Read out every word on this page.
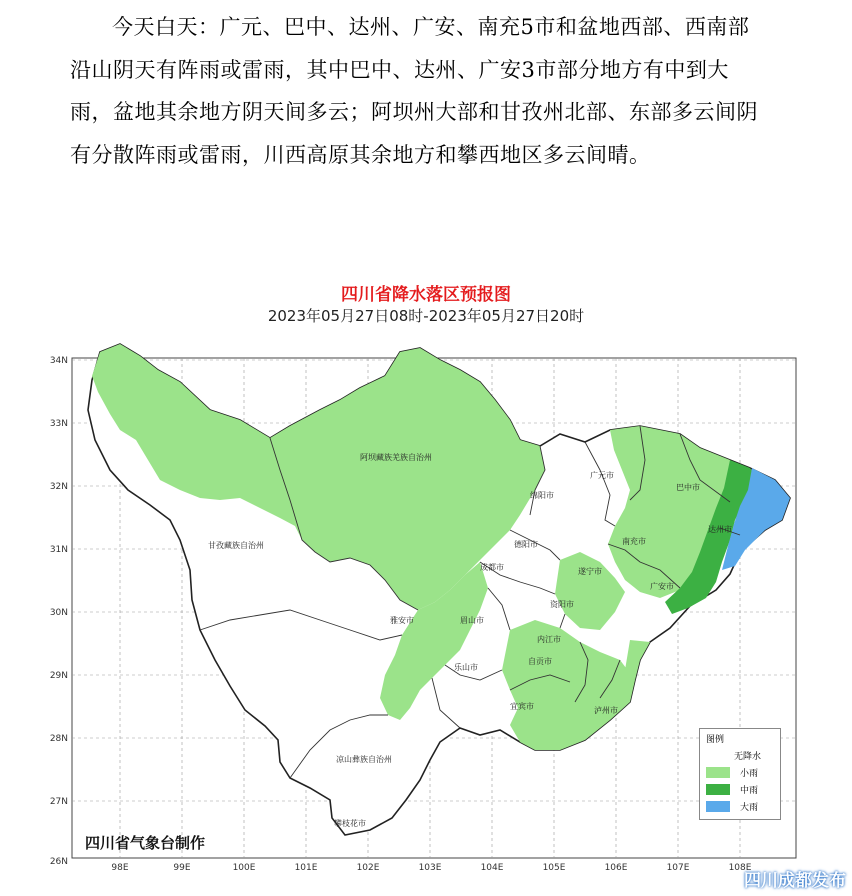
今天白天：广元、巴中、达州、广安、南充5市和盆地西部、西南部沿山阴天有阵雨或雷雨，其中巴中、达州、广安3市部分地方有中到大雨，盆地其余地方阴天间多云；阿坝州大部和甘孜州北部、东部多云间阴有分散阵雨或雷雨，川西高原其余地方和攀西地区多云间晴。
四川省降水落区预报图
2023年05月27日08时-2023年05月27日20时
98E	99E	100E	101E	102E	103E	104E	105E	106E	107E	108E
34N
33N
32N
31N
30N
29N
28N
27N
26N
阿坝藏族羌族自治州
甘孜藏族自治州
凉山彝族自治州
广元市
巴中市
绵阳市
德阳市	南充市
达州市
成都市	遂宁市
广安市
雅安市	眉山市
资阳市
内江市
乐山市
自贡市
宜宾市	泸州市
攀枝花市
图例
无降水
小雨
中雨
大雨
四川省气象台制作
四川成都发布
